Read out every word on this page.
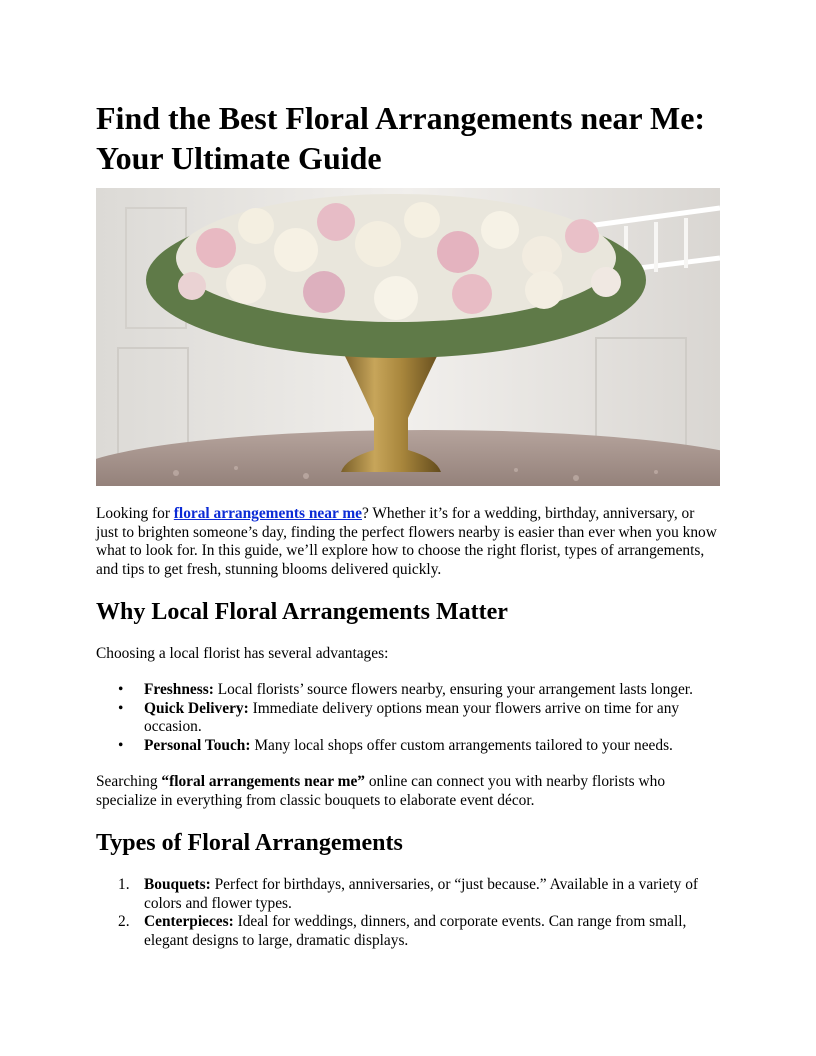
Find the Best Floral Arrangements near Me: Your Ultimate Guide

Looking for floral arrangements near me? Whether it’s for a wedding, birthday, anniversary, or just to brighten someone’s day, finding the perfect flowers nearby is easier than ever when you know what to look for. In this guide, we’ll explore how to choose the right florist, types of arrangements, and tips to get fresh, stunning blooms delivered quickly.

Why Local Floral Arrangements Matter

Choosing a local florist has several advantages:

• Freshness: Local florists’ source flowers nearby, ensuring your arrangement lasts longer.
• Quick Delivery: Immediate delivery options mean your flowers arrive on time for any occasion.
• Personal Touch: Many local shops offer custom arrangements tailored to your needs.

Searching “floral arrangements near me” online can connect you with nearby florists who specialize in everything from classic bouquets to elaborate event décor.

Types of Floral Arrangements
1. Bouquets: Perfect for birthdays, anniversaries, or “just because.” Available in a variety of colors and flower types.
2. Centerpieces: Ideal for weddings, dinners, and corporate events. Can range from small, elegant designs to large, dramatic displays.
